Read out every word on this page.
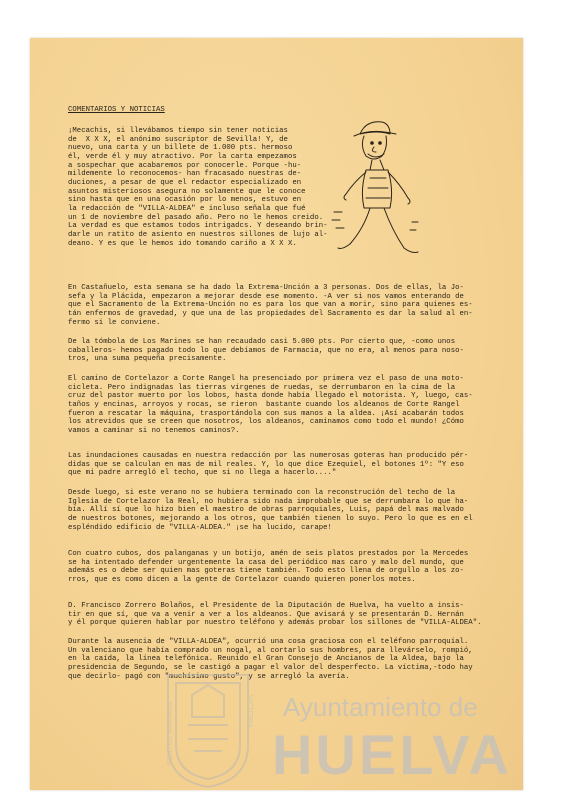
COMENTARIOS Y NOTICIAS
¡Mecachis, si llevábamos tiempo sin tener noticias
de  X X X, el anónimo suscriptor de Sevilla! Y, de
nuevo, una carta y un billete de 1.000 pts. hermoso
él, verde él y muy atractivo. Por la carta empezamos
a sospechar que acabaremos por conocerle. Porque -hu-
mildemente lo reconocemos- han fracasado nuestras de-
duciones, a pesar de que el redactor especializado en
asuntos misteriosos asegura no solamente que le conoce
sino hasta que en una ocasión por lo menos, estuvo en
la redacción de "VILLA-ALDEA" e incluso señala que fué
un 1 de noviembre del pasado año. Pero no le hemos creido.
La verdad es que estamos todos intrigadcs. Y deseando brin-
darle un ratito de asiento en nuestros sillones de lujo al-
deano. Y es que le hemos ido tomando cariño a X X X.
En Castañuelo, esta semana se ha dado la Extrema-Unción a 3 personas. Dos de ellas, la Jo-
sefa y la Plácida, empezaron a mejorar desde ese momento. -A ver si nos vamos enterando de
que el Sacramento de la Extrema-Unción no es para los que van a morir, sino para quienes es-
tán enfermos de gravedad, y que una de las propiedades del Sacramento es dar la salud al en-
fermo si le conviene.
De la tómbola de Los Marines se han recaudado casi 5.000 pts. Por cierto que, -como unos
caballeros- hemos pagado todo lo que debíamos de Farmacia, que no era, al menos para noso-
tros, una suma pequeña precisamente.
El camino de Cortelazor a Corte Rangel ha presenciado por primera vez el paso de una moto-
cicleta. Pero indignadas las tierras vírgenes de ruedas, se derrumbaron en la cima de la
cruz del pastor muerto por los lobos, hasta donde había llegado el motorista. Y, luego, cas-
taños y encinas, arroyos y rocas, se rieron  bastante cuando los aldeanos de Corte Rangel
fueron a rescatar la máquina, trasportándola con sus manos a la aldea. ¡Así acabarán todos
los atrevidos que se creen que nosotros, los aldeanos, caminamos como todo el mundo! ¿Cómo
vamos a caminar si no tenemos caminos?.
Las inundaciones causadas en nuestra redacción por las numerosas goteras han producido pér-
didas que se calculan en mas de mil reales. Y, lo que dice Ezequiel, el botones 1º: "Y eso
que mi padre arregló el techo, que si no llega a hacerlo...."
Desde luego, si este verano no se hubiera terminado con la reconstrución del techo de la
Iglesia de Cortelazor la Real, no hubiera sido nada improbable que se derrumbara lo que ha-
bía. Allí sí que lo hizo bien el maestro de obras parroquiales, Luis, papá del mas malvado
de nuestros botones, mejorando a los otros, que también tienen lo suyo. Pero lo que es en el
espléndido edificio de "VILLA-ALDEA." ¡se ha lucido, carape!
Con cuatro cubos, dos palanganas y un botijo, amén de seis platos prestados por la Mercedes
se ha intentado defender urgentemente la casa del periódico mas caro y malo del mundo, que
además es o debe ser quien mas goteras tiene también. Todo esto llena de orgullo a los zo-
rros, que es como dicen a la gente de Cortelazor cuando quieren ponerlos motes.
D. Francisco Zorrero Bolaños, el Presidente de la Diputación de Huelva, ha vuelto a insis-
tir en que sí, que va a venir a ver a los aldeanos. Que avisará y se presentarán D. Hernán
y él porque quieren hablar por nuestro teléfono y además probar los sillones de "VILLA-ALDEA".
Durante la ausencia de "VILLA-ALDEA", ocurrió una cosa graciosa con el teléfono parroquial.
Un valenciano que había comprado un nogal, al cortarlo sus hombres, para llevárselo, rompió,
en la caída, la línea telefónica. Reunido el Gran Consejo de Ancianos de la Aldea, bajo la
presidencia de Segundo, se le castigó a pagar el valor del desperfecto. La víctima,-todo hay
que decirlo- pagó con "muchísimo gusto", y se arregló la avería.
PORTUS MAXIMUS	VICTORIA Ayuntamiento de
HUELVA
